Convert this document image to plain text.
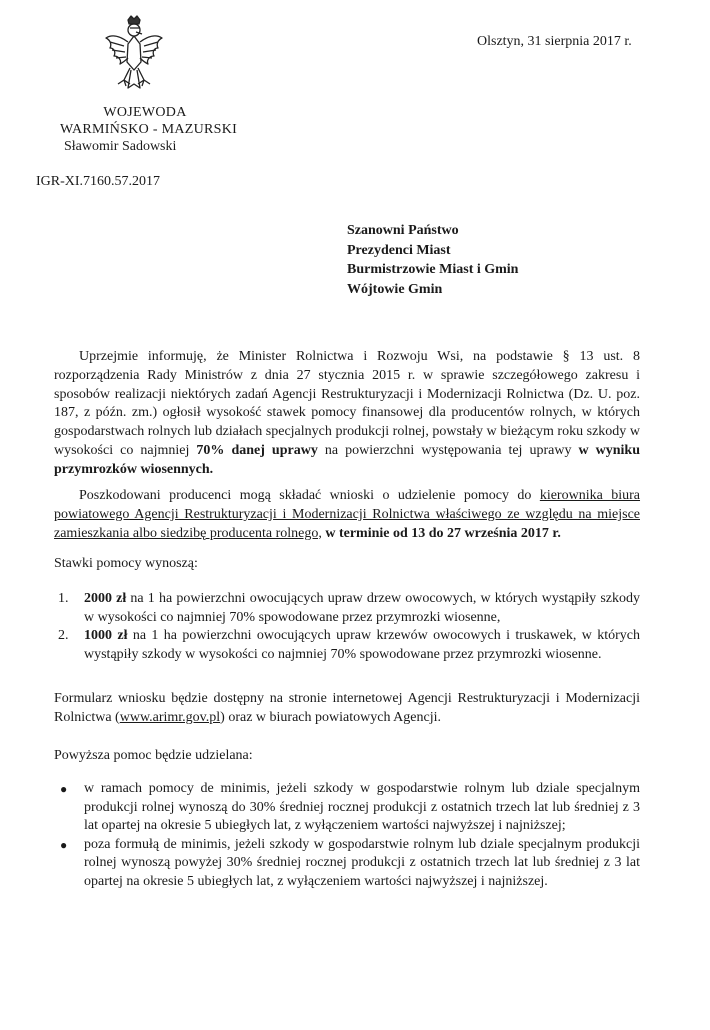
WOJEWODA
WARMIŃSKO - MAZURSKI
Sławomir Sadowski
IGR-XI.7160.57.2017
Olsztyn, 31 sierpnia 2017 r.
Szanowni Państwo
Prezydenci Miast
Burmistrzowie Miast i Gmin
Wójtowie Gmin
Uprzejmie informuję, że Minister Rolnictwa i Rozwoju Wsi, na podstawie § 13 ust. 8 rozporządzenia Rady Ministrów z dnia 27 stycznia 2015 r. w sprawie szczegółowego zakresu i sposobów realizacji niektórych zadań Agencji Restrukturyzacji i Modernizacji Rolnictwa (Dz. U. poz. 187, z późn. zm.) ogłosił wysokość stawek pomocy finansowej dla producentów rolnych, w których gospodarstwach rolnych lub działach specjalnych produkcji rolnej, powstały w bieżącym roku szkody w wysokości co najmniej 70% danej uprawy na powierzchni występowania tej uprawy w wyniku przymrozków wiosennych.
Poszkodowani producenci mogą składać wnioski o udzielenie pomocy do kierownika biura powiatowego Agencji Restrukturyzacji i Modernizacji Rolnictwa właściwego ze względu na miejsce zamieszkania albo siedzibę producenta rolnego, w terminie od 13 do 27 września 2017 r.
Stawki pomocy wynoszą:
1. 2000 zł na 1 ha powierzchni owocujących upraw drzew owocowych, w których wystąpiły szkody w wysokości co najmniej 70% spowodowane przez przymrozki wiosenne,
2. 1000 zł na 1 ha powierzchni owocujących upraw krzewów owocowych i truskawek, w których wystąpiły szkody w wysokości co najmniej 70% spowodowane przez przymrozki wiosenne.
Formularz wniosku będzie dostępny na stronie internetowej Agencji Restrukturyzacji i Modernizacji Rolnictwa (www.arimr.gov.pl) oraz w biurach powiatowych Agencji.
Powyższa pomoc będzie udzielana:
● w ramach pomocy de minimis, jeżeli szkody w gospodarstwie rolnym lub dziale specjalnym produkcji rolnej wynoszą do 30% średniej rocznej produkcji z ostatnich trzech lat lub średniej z 3 lat opartej na okresie 5 ubiegłych lat, z wyłączeniem wartości najwyższej i najniższej;
● poza formułą de minimis, jeżeli szkody w gospodarstwie rolnym lub dziale specjalnym produkcji rolnej wynoszą powyżej 30% średniej rocznej produkcji z ostatnich trzech lat lub średniej z 3 lat opartej na okresie 5 ubiegłych lat, z wyłączeniem wartości najwyższej i najniższej.
